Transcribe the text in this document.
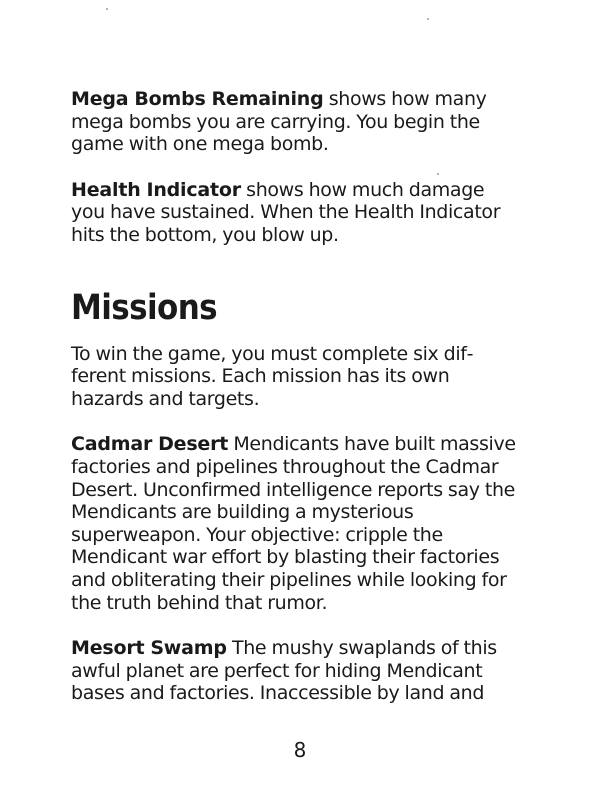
Mega Bombs Remaining shows how many mega bombs you are carrying. You begin the game with one mega bomb.

Health Indicator shows how much damage you have sustained. When the Health Indicator hits the bottom, you blow up.

Missions

To win the game, you must complete six different missions. Each mission has its own hazards and targets.

Cadmar Desert Mendicants have built massive factories and pipelines throughout the Cadmar Desert. Unconfirmed intelligence reports say the Mendicants are building a mysterious superweapon. Your objective: cripple the Mendicant war effort by blasting their factories and obliterating their pipelines while looking for the truth behind that rumor.

Mesort Swamp The mushy swaplands of this awful planet are perfect for hiding Mendicant bases and factories. Inaccessible by land and

8
